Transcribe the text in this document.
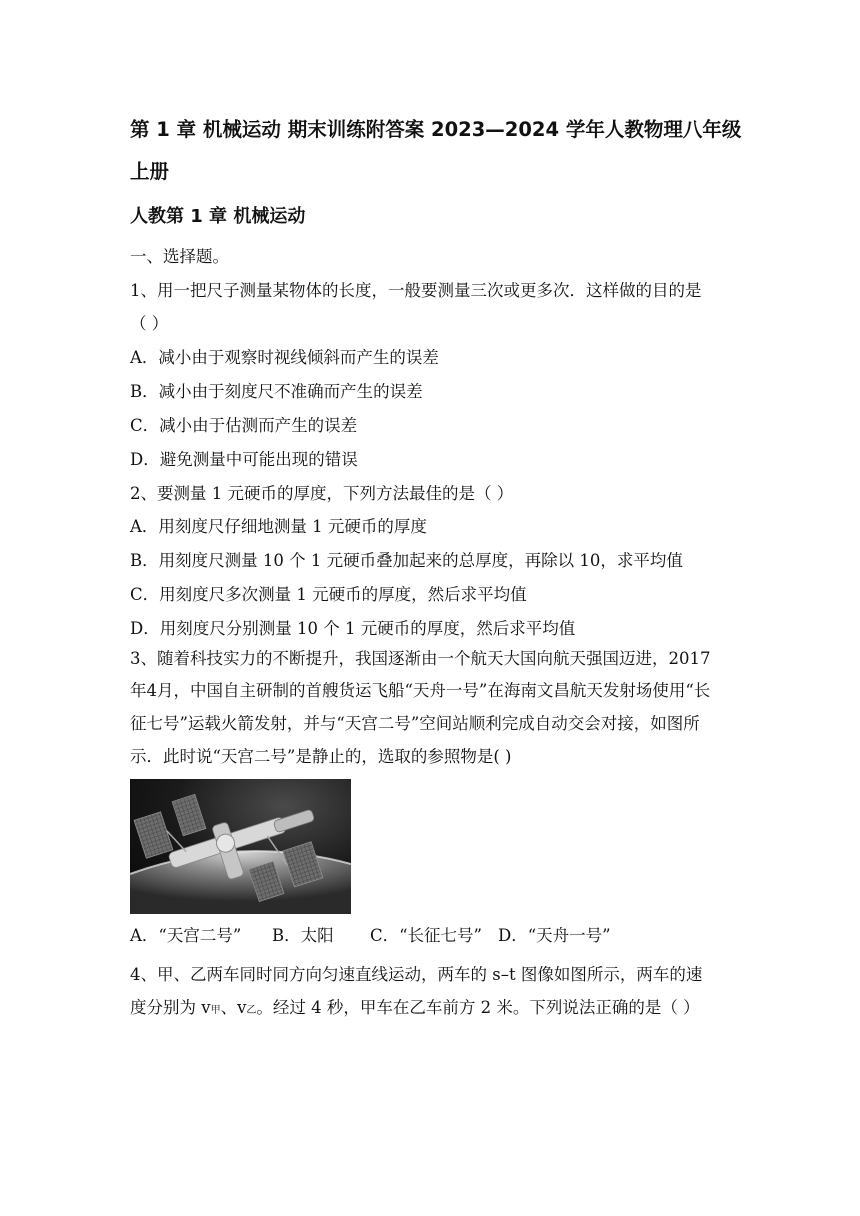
第 1 章 机械运动 期末训练附答案 2023—2024 学年人教物理八年级
上册
人教第 1 章 机械运动
一、选择题。
1、用一把尺子测量某物体的长度，一般要测量三次或更多次．这样做的目的是
（ ）
A．减小由于观察时视线倾斜而产生的误差
B．减小由于刻度尺不准确而产生的误差
C．减小由于估测而产生的误差
D．避免测量中可能出现的错误
2、要测量 1 元硬币的厚度，下列方法最佳的是（ ）
A．用刻度尺仔细地测量 1 元硬币的厚度
B．用刻度尺测量 10 个 1 元硬币叠加起来的总厚度，再除以 10，求平均值
C．用刻度尺多次测量 1 元硬币的厚度，然后求平均值
D．用刻度尺分别测量 10 个 1 元硬币的厚度，然后求平均值
3、随着科技实力的不断提升，我国逐渐由一个航天大国向航天强国迈进，2017
年4月，中国自主研制的首艘货运飞船“天舟一号”在海南文昌航天发射场使用“长
征七号”运载火箭发射，并与“天宫二号”空间站顺利完成自动交会对接，如图所
示．此时说“天宫二号”是静止的，选取的参照物是( )
A．“天宫二号” B．太阳 C．“长征七号” D．“天舟一号”
4、甲、乙两车同时同方向匀速直线运动，两车的 s–t 图像如图所示，两车的速
度分别为 v甲、v乙。经过 4 秒，甲车在乙车前方 2 米。下列说法正确的是（ ）
